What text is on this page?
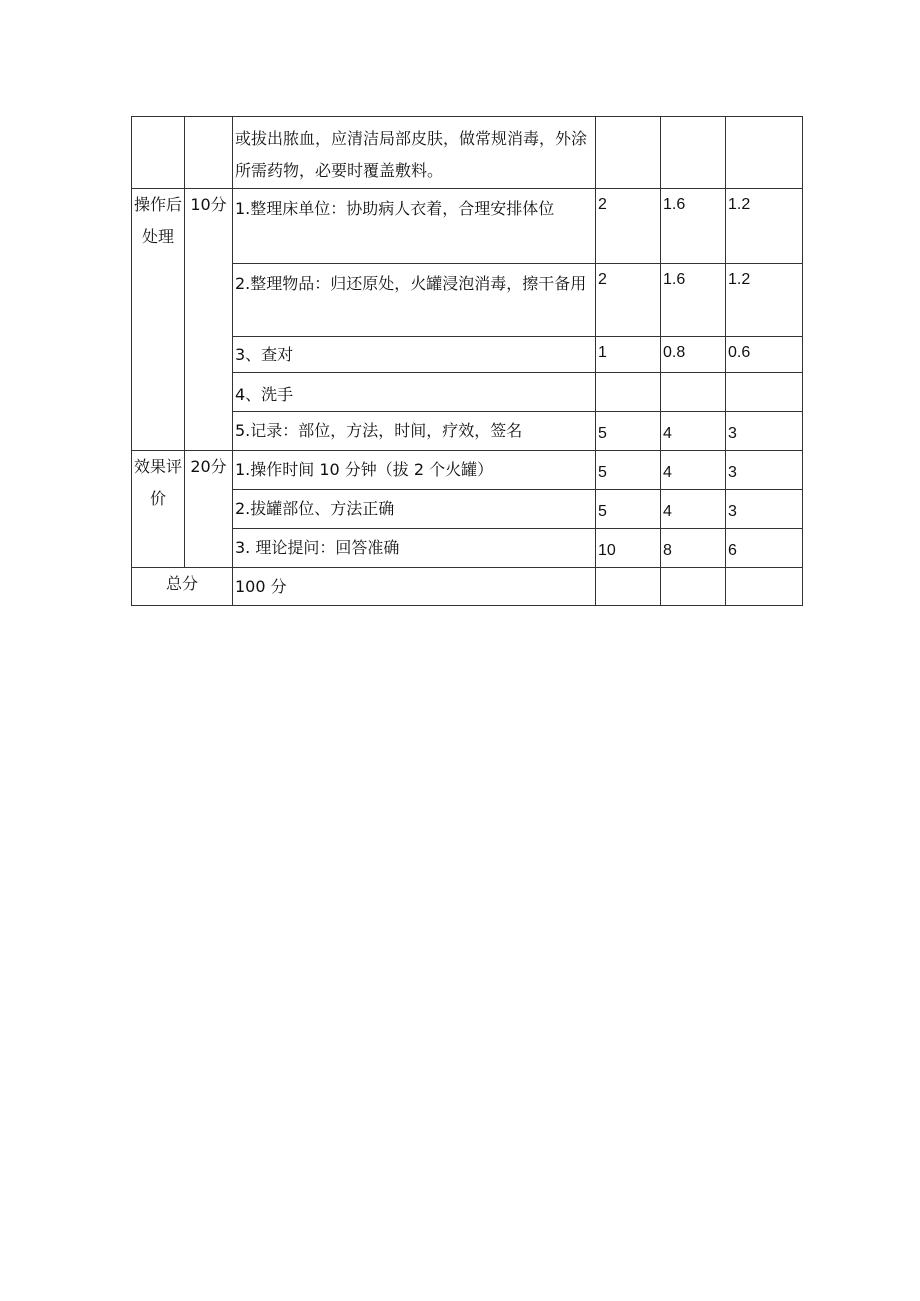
		或拔出脓血，应清洁局部皮肤，做常规消毒，外涂所需药物，必要时覆盖敷料。			
操作后处理	10分	1.整理床单位：协助病人衣着，合理安排体位	2	1.6	1.2
		2.整理物品：归还原处，火罐浸泡消毒，擦干备用	2	1.6	1.2
		3、查对	1	0.8	0.6
		4、洗手			
		5.记录：部位，方法，时间，疗效，签名	5	4	3
效果评价	20分	1.操作时间 10 分钟（拔 2 个火罐）	5	4	3
		2.拔罐部位、方法正确	5	4	3
		3. 理论提问：回答准确	10	8	6
总分		100 分			
